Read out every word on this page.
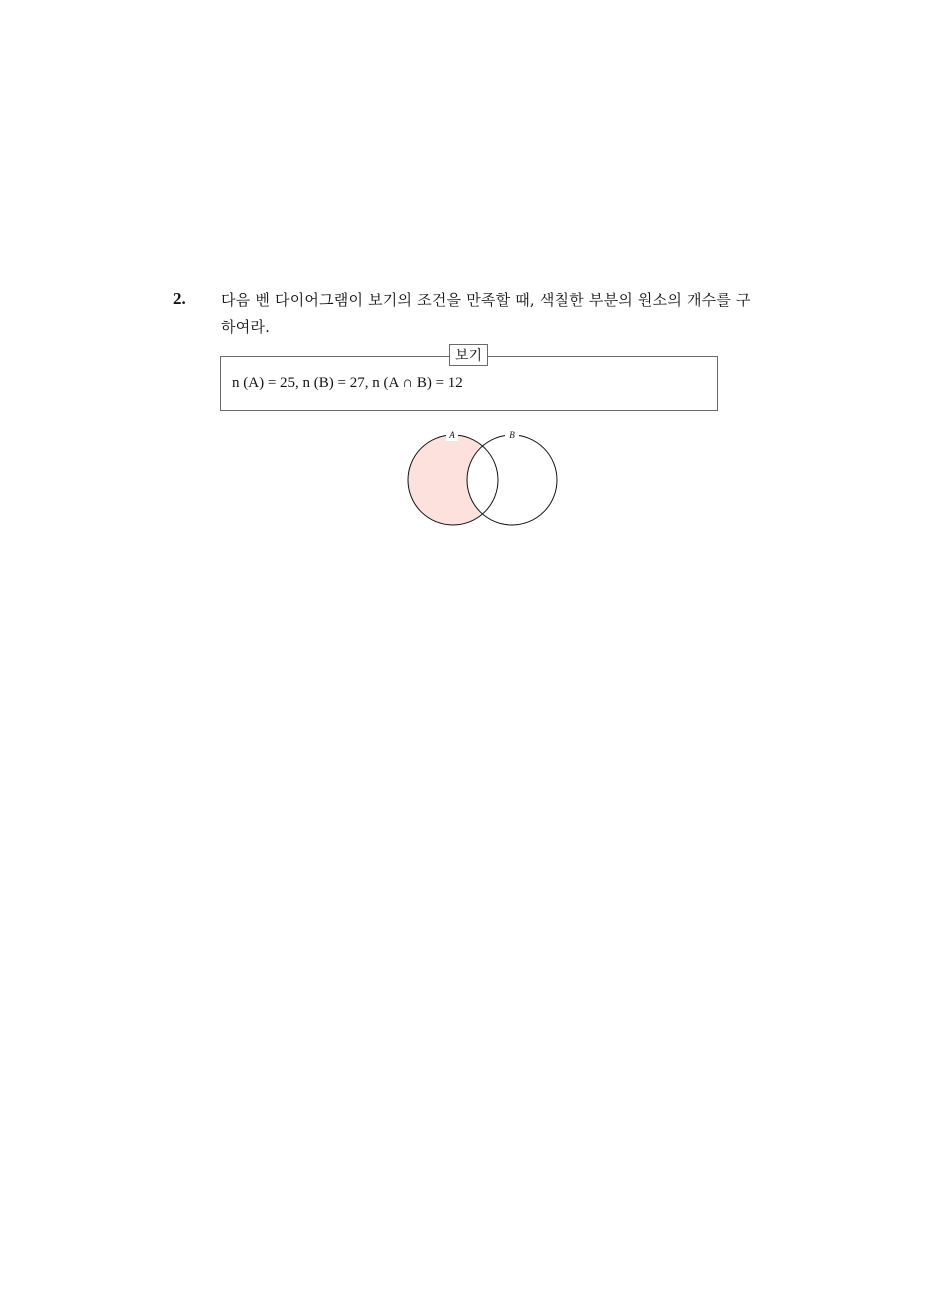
2. 다음 벤 다이어그램이 보기의 조건을 만족할 때, 색칠한 부분의 원소의 개수를 구하여라.
보기
n (A) = 25, n (B) = 27, n (A ∩ B) = 12
A	B
